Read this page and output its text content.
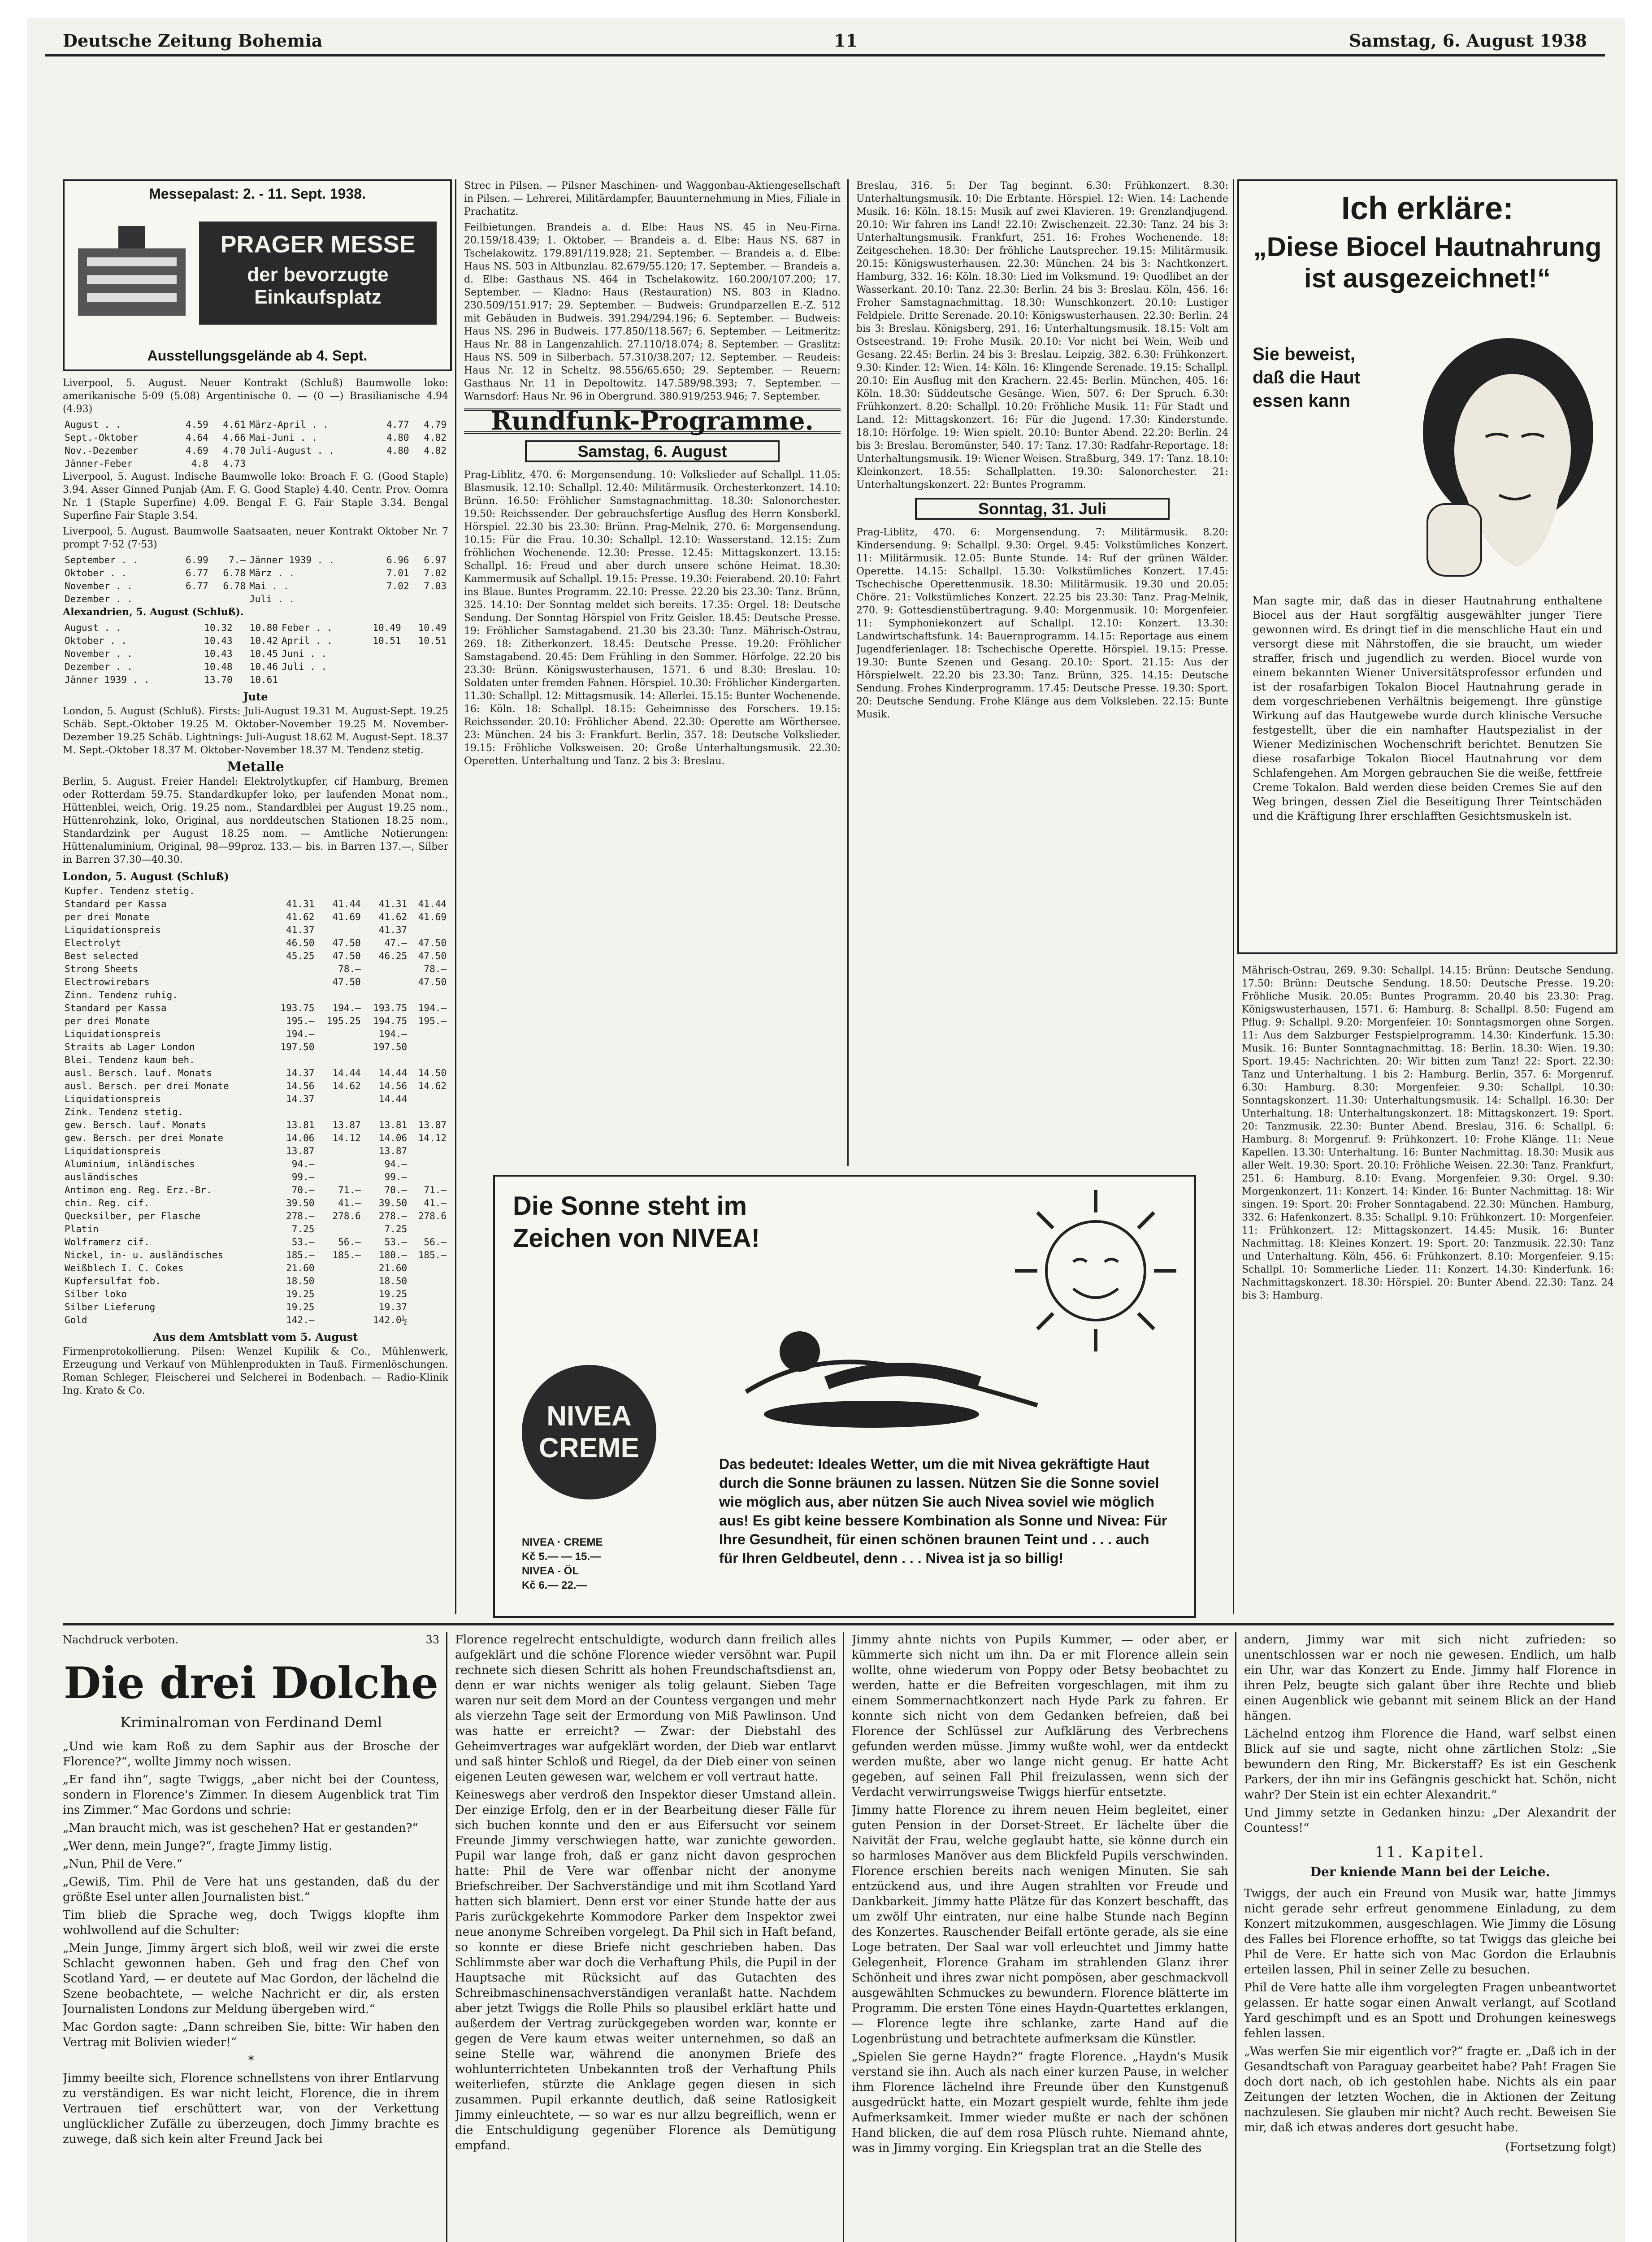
Deutsche Zeitung Bohemia	11	Samstag, 6. August 1938
Messepalast: 2. - 11. Sept. 1938.
PRAGER MESSE
der bevorzugte
Einkaufsplatz
Ausstellungsgelände ab 4. Sept.

Liverpool, 5. August. Neuer Kontrakt (Schluß) Baumwolle loko: amerikanische 5·09 (5.08) Argentinische 0. — (0 —) Brasilianische 4.94 (4.93)

August . .	4.59	4.61	März-April . .	4.77	4.79
Sept.-Oktober	4.64	4.66	Mai-Juni . .	4.80	4.82
Nov.-Dezember	4.69	4.70	Juli-August . .	4.80	4.82
Jänner-Feber	4.8	4.73			

Liverpool, 5. August. Indische Baumwolle loko: Broach F. G. (Good Staple) 3.94. Asser Ginned Punjab (Am. F. G. Good Staple) 4.40. Centr. Prov. Oomra Nr. 1 (Staple Superfine) 4.09. Bengal F. G. Fair Staple 3.34. Bengal Superfine Fair Staple 3.54.

Liverpool, 5. August. Baumwolle Saatsaaten, neuer Kontrakt Oktober Nr. 7 prompt 7·52 (7·53)

September . .	6.99	7.—	Jänner 1939 . .	6.96	6.97
Oktober . .	6.77	6.78	März . .	7.01	7.02
November . .	6.77	6.78	Mai . .	7.02	7.03
Dezember . .			Juli . .		

Alexandrien, 5. August (Schluß).

August . .	10.32	10.80	Feber . .	10.49	10.49
Oktober . .	10.43	10.42	April . .	10.51	10.51
November . .	10.43	10.45	Juni . .		
Dezember . .	10.48	10.46	Juli . .		
Jänner 1939 . .	13.70	10.61			
Jute

London, 5. August (Schluß). Firsts: Juli-August 19.31 M. August-Sept. 19.25 Schäb. Sept.-Oktober 19.25 M. Oktober-November 19.25 M. November-Dezember 19.25 Schäb. Lightnings: Juli-August 18.62 M. August-Sept. 18.37 M. Sept.-Oktober 18.37 M. Oktober-November 18.37 M. Tendenz stetig.

Metalle

Berlin, 5. August. Freier Handel: Elektrolytkupfer, cif Hamburg, Bremen oder Rotterdam 59.75. Standardkupfer loko, per laufenden Monat nom., Hüttenblei, weich, Orig. 19.25 nom., Standardblei per August 19.25 nom., Hüttenrohzink, loko, Original, aus norddeutschen Stationen 18.25 nom., Standardzink per August 18.25 nom. — Amtliche Notierungen: Hüttenaluminium, Original, 98—99proz. 133.— bis. in Barren 137.—, Silber in Barren 37.30—40.30.

London, 5. August (Schluß)
Kupfer. Tendenz stetig.				
Standard per Kassa	41.31	41.44	41.31	41.44
per drei Monate	41.62	41.69	41.62	41.69
Liquidationspreis	41.37		41.37	
Electrolyt	46.50	47.50	47.—	47.50
Best selected	45.25	47.50	46.25	47.50
Strong Sheets		78.—		78.—
Electrowirebars		47.50		47.50
Zinn. Tendenz ruhig.				
Standard per Kassa	193.75	194.—	193.75	194.—
per drei Monate	195.—	195.25	194.75	195.—
Liquidationspreis	194.—		194.—	
Straits ab Lager London	197.50		197.50	
Blei. Tendenz kaum beh.				
ausl. Bersch. lauf. Monats	14.37	14.44	14.44	14.50
ausl. Bersch. per drei Monate	14.56	14.62	14.56	14.62
Liquidationspreis	14.37		14.44	
Zink. Tendenz stetig.				
gew. Bersch. lauf. Monats	13.81	13.87	13.81	13.87
gew. Bersch. per drei Monate	14.06	14.12	14.06	14.12
Liquidationspreis	13.87		13.87	
Aluminium, inländisches	94.—		94.—	
ausländisches	99.—		99.—	
Antimon eng. Reg. Erz.-Br.	70.—	71.—	70.—	71.—
chin. Reg. cif.	39.50	41.—	39.50	41.—
Quecksilber, per Flasche	278.—	278.6	278.—	278.6
Platin	7.25		7.25	
Wolframerz cif.	53.—	56.—	53.—	56.—
Nickel, in- u. ausländisches	185.—	185.—	180.—	185.—
Weißblech I. C. Cokes	21.60		21.60	
Kupfersulfat fob.	18.50		18.50	
Silber loko	19.25		19.25	
Silber Lieferung	19.25		19.37	
Gold	142.—		142.0½	
Aus dem Amtsblatt vom 5. August

Firmenprotokollierung. Pilsen: Wenzel Kupilik & Co., Mühlenwerk, Erzeugung und Verkauf von Mühlenprodukten in Tauß. Firmenlöschungen. Roman Schleger, Fleischerei und Selcherei in Bodenbach. — Radio-Klinik Ing. Krato & Co.

Strec in Pilsen. — Pilsner Maschinen- und Waggonbau-Aktiengesellschaft in Pilsen. — Lehrerei, Militärdampfer, Bauunternehmung in Mies, Filiale in Prachatitz.

Feilbietungen. Brandeis a. d. Elbe: Haus NS. 45 in Neu-Firna. 20.159/18.439; 1. Oktober. — Brandeis a. d. Elbe: Haus NS. 687 in Tschelakowitz. 179.891/119.928; 21. September. — Brandeis a. d. Elbe: Haus NS. 503 in Altbunzlau. 82.679/55.120; 17. September. — Brandeis a. d. Elbe: Gasthaus NS. 464 in Tschelakowitz. 160.200/107.200; 17. September. — Kladno: Haus (Restauration) NS. 803 in Kladno. 230.509/151.917; 29. September. — Budweis: Grundparzellen E.-Z. 512 mit Gebäuden in Budweis. 391.294/294.196; 6. September. — Budweis: Haus NS. 296 in Budweis. 177.850/118.567; 6. September. — Leitmeritz: Haus Nr. 88 in Langenzahlich. 27.110/18.074; 8. September. — Graslitz: Haus NS. 509 in Silberbach. 57.310/38.207; 12. September. — Reudeis: Haus Nr. 12 in Scheltz. 98.556/65.650; 29. September. — Reuern: Gasthaus Nr. 11 in Depoltowitz. 147.589/98.393; 7. September. — Warnsdorf: Haus Nr. 96 in Obergrund. 380.919/253.946; 7. September.

Rundfunk-Programme.
Samstag, 6. August

Prag-Liblitz, 470. 6: Morgensendung. 10: Volkslieder auf Schallpl. 11.05: Blasmusik. 12.10: Schallpl. 12.40: Militärmusik. Orchesterkonzert. 14.10: Brünn. 16.50: Fröhlicher Samstagnachmittag. 18.30: Salonorchester. 19.50: Reichssender. Der gebrauchsfertige Ausflug des Herrn Konsberkl. Hörspiel. 22.30 bis 23.30: Brünn. Prag-Melnik, 270. 6: Morgensendung. 10.15: Für die Frau. 10.30: Schallpl. 12.10: Wasserstand. 12.15: Zum fröhlichen Wochenende. 12.30: Presse. 12.45: Mittagskonzert. 13.15: Schallpl. 16: Freud und aber durch unsere schöne Heimat. 18.30: Kammermusik auf Schallpl. 19.15: Presse. 19.30: Feierabend. 20.10: Fahrt ins Blaue. Buntes Programm. 22.10: Presse. 22.20 bis 23.30: Tanz. Brünn, 325. 14.10: Der Sonntag meldet sich bereits. 17.35: Orgel. 18: Deutsche Sendung. Der Sonntag Hörspiel von Fritz Geisler. 18.45: Deutsche Presse. 19: Fröhlicher Samstagabend. 21.30 bis 23.30: Tanz. Mährisch-Ostrau, 269. 18: Zitherkonzert. 18.45: Deutsche Presse. 19.20: Fröhlicher Samstagabend. 20.45: Dem Frühling in den Sommer. Hörfolge. 22.20 bis 23.30: Brünn. Königswusterhausen, 1571. 6 und 8.30: Breslau. 10: Soldaten unter fremden Fahnen. Hörspiel. 10.30: Fröhlicher Kindergarten. 11.30: Schallpl. 12: Mittagsmusik. 14: Allerlei. 15.15: Bunter Wochenende. 16: Köln. 18: Schallpl. 18.15: Geheimnisse des Forschers. 19.15: Reichssender. 20.10: Fröhlicher Abend. 22.30: Operette am Wörthersee. 23: München. 24 bis 3: Frankfurt. Berlin, 357. 18: Deutsche Volkslieder. 19.15: Fröhliche Volksweisen. 20: Große Unterhaltungsmusik. 22.30: Operetten. Unterhaltung und Tanz. 2 bis 3: Breslau.

Breslau, 316. 5: Der Tag beginnt. 6.30: Frühkonzert. 8.30: Unterhaltungsmusik. 10: Die Erbtante. Hörspiel. 12: Wien. 14: Lachende Musik. 16: Köln. 18.15: Musik auf zwei Klavieren. 19: Grenzlandjugend. 20.10: Wir fahren ins Land! 22.10: Zwischenzeit. 22.30: Tanz. 24 bis 3: Unterhaltungsmusik. Frankfurt, 251. 16: Frohes Wochenende. 18: Zeitgeschehen. 18.30: Der fröhliche Lautsprecher. 19.15: Militärmusik. 20.15: Königswusterhausen. 22.30: München. 24 bis 3: Nachtkonzert. Hamburg, 332. 16: Köln. 18.30: Lied im Volksmund. 19: Quodlibet an der Wasserkant. 20.10: Tanz. 22.30: Berlin. 24 bis 3: Breslau. Köln, 456. 16: Froher Samstagnachmittag. 18.30: Wunschkonzert. 20.10: Lustiger Feldpiele. Dritte Serenade. 20.10: Königswusterhausen. 22.30: Berlin. 24 bis 3: Breslau. Königsberg, 291. 16: Unterhaltungsmusik. 18.15: Volt am Ostseestrand. 19: Frohe Musik. 20.10: Vor nicht bei Wein, Weib und Gesang. 22.45: Berlin. 24 bis 3: Breslau. Leipzig, 382. 6.30: Frühkonzert. 9.30: Kinder. 12: Wien. 14: Köln. 16: Klingende Serenade. 19.15: Schallpl. 20.10: Ein Ausflug mit den Krachern. 22.45: Berlin. München, 405. 16: Köln. 18.30: Süddeutsche Gesänge. Wien, 507. 6: Der Spruch. 6.30: Frühkonzert. 8.20: Schallpl. 10.20: Fröhliche Musik. 11: Für Stadt und Land. 12: Mittagskonzert. 16: Für die Jugend. 17.30: Kinderstunde. 18.10: Hörfolge. 19: Wien spielt. 20.10: Bunter Abend. 22.20: Berlin. 24 bis 3: Breslau. Beromünster, 540. 17: Tanz. 17.30: Radfahr-Reportage. 18: Unterhaltungsmusik. 19: Wiener Weisen. Straßburg, 349. 17: Tanz. 18.10: Kleinkonzert. 18.55: Schallplatten. 19.30: Salonorchester. 21: Unterhaltungskonzert. 22: Buntes Programm.

Sonntag, 31. Juli

Prag-Liblitz, 470. 6: Morgensendung. 7: Militärmusik. 8.20: Kindersendung. 9: Schallpl. 9.30: Orgel. 9.45: Volkstümliches Konzert. 11: Militärmusik. 12.05: Bunte Stunde. 14: Ruf der grünen Wälder. Operette. 14.15: Schallpl. 15.30: Volkstümliches Konzert. 17.45: Tschechische Operettenmusik. 18.30: Militärmusik. 19.30 und 20.05: Chöre. 21: Volkstümliches Konzert. 22.25 bis 23.30: Tanz. Prag-Melnik, 270. 9: Gottesdienstübertragung. 9.40: Morgenmusik. 10: Morgenfeier. 11: Symphoniekonzert auf Schallpl. 12.10: Konzert. 13.30: Landwirtschaftsfunk. 14: Bauernprogramm. 14.15: Reportage aus einem Jugendferienlager. 18: Tschechische Operette. Hörspiel. 19.15: Presse. 19.30: Bunte Szenen und Gesang. 20.10: Sport. 21.15: Aus der Hörspielwelt. 22.20 bis 23.30: Tanz. Brünn, 325. 14.15: Deutsche Sendung. Frohes Kinderprogramm. 17.45: Deutsche Presse. 19.30: Sport. 20: Deutsche Sendung. Frohe Klänge aus dem Volksleben. 22.15: Bunte Musik.

Ich erkläre:
„Diese Biocel Hautnahrung ist ausgezeichnet!“
Sie beweist,
daß die Haut
essen kann
Man sagte mir, daß das in dieser Hautnahrung enthaltene Biocel aus der Haut sorgfältig ausgewählter junger Tiere gewonnen wird. Es dringt tief in die menschliche Haut ein und versorgt diese mit Nährstoffen, die sie braucht, um wieder straffer, frisch und jugendlich zu werden. Biocel wurde von einem bekannten Wiener Universitätsprofessor erfunden und ist der rosafarbigen Tokalon Biocel Hautnahrung gerade in dem vorgeschriebenen Verhältnis beigemengt. Ihre günstige Wirkung auf das Hautgewebe wurde durch klinische Versuche festgestellt, über die ein namhafter Hautspezialist in der Wiener Medizinischen Wochenschrift berichtet. Benutzen Sie diese rosafarbige Tokalon Biocel Hautnahrung vor dem Schlafengehen. Am Morgen gebrauchen Sie die weiße, fettfreie Creme Tokalon. Bald werden diese beiden Cremes Sie auf den Weg bringen, dessen Ziel die Beseitigung Ihrer Teintschäden und die Kräftigung Ihrer erschlafften Gesichtsmuskeln ist.

Mährisch-Ostrau, 269. 9.30: Schallpl. 14.15: Brünn: Deutsche Sendung. 17.50: Brünn: Deutsche Sendung. 18.50: Deutsche Presse. 19.20: Fröhliche Musik. 20.05: Buntes Programm. 20.40 bis 23.30: Prag. Königswusterhausen, 1571. 6: Hamburg. 8: Schallpl. 8.50: Fugend am Pflug. 9: Schallpl. 9.20: Morgenfeier. 10: Sonntagsmorgen ohne Sorgen. 11: Aus dem Salzburger Festspielprogramm. 14.30: Kinderfunk. 15.30: Musik. 16: Bunter Sonntagnachmittag. 18: Berlin. 18.30: Wien. 19.30: Sport. 19.45: Nachrichten. 20: Wir bitten zum Tanz! 22: Sport. 22.30: Tanz und Unterhaltung. 1 bis 2: Hamburg. Berlin, 357. 6: Morgenruf. 6.30: Hamburg. 8.30: Morgenfeier. 9.30: Schallpl. 10.30: Sonntagskonzert. 11.30: Unterhaltungsmusik. 14: Schallpl. 16.30: Der Unterhaltung. 18: Unterhaltungskonzert. 18: Mittagskonzert. 19: Sport. 20: Tanzmusik. 22.30: Bunter Abend. Breslau, 316. 6: Schallpl. 6: Hamburg. 8: Morgenruf. 9: Frühkonzert. 10: Frohe Klänge. 11: Neue Kapellen. 13.30: Unterhaltung. 16: Bunter Nachmittag. 18.30: Musik aus aller Welt. 19.30: Sport. 20.10: Fröhliche Weisen. 22.30: Tanz. Frankfurt, 251. 6: Hamburg. 8.10: Evang. Morgenfeier. 9.30: Orgel. 9.30: Morgenkonzert. 11: Konzert. 14: Kinder. 16: Bunter Nachmittag. 18: Wir singen. 19: Sport. 20: Froher Sonntagabend. 22.30: München. Hamburg, 332. 6: Hafenkonzert. 8.35: Schallpl. 9.10: Frühkonzert. 10: Morgenfeier. 11: Frühkonzert. 12: Mittagskonzert. 14.45: Musik. 16: Bunter Nachmittag. 18: Kleines Konzert. 19: Sport. 20: Tanzmusik. 22.30: Tanz und Unterhaltung. Köln, 456. 6: Frühkonzert. 8.10: Morgenfeier. 9.15: Schallpl. 10: Sommerliche Lieder. 11: Konzert. 14.30: Kinderfunk. 16: Nachmittagskonzert. 18.30: Hörspiel. 20: Bunter Abend. 22.30: Tanz. 24 bis 3: Hamburg.

Die Sonne steht im
Zeichen von NIVEA!
NIVEA
CREME
NIVEA · CREME
Kč 5.— — 15.—
NIVEA - ÖL
Kč 6.— 22.—
Das bedeutet: Ideales Wetter, um die mit Nivea gekräftigte Haut durch die Sonne bräunen zu lassen. Nützen Sie die Sonne soviel wie möglich aus, aber nützen Sie auch Nivea soviel wie möglich aus! Es gibt keine bessere Kombination als Sonne und Nivea: Für Ihre Gesundheit, für einen schönen braunen Teint und . . . auch für Ihren Geldbeutel, denn . . . Nivea ist ja so billig!
Nachdruck verboten.	33
Die drei Dolche
Kriminalroman von Ferdinand Deml

„Und wie kam Roß zu dem Saphir aus der Brosche der Florence?“, wollte Jimmy noch wissen.

„Er fand ihn“, sagte Twiggs, „aber nicht bei der Countess, sondern in Florence's Zimmer. In diesem Augenblick trat Tim ins Zimmer.“ Mac Gordons und schrie:

„Man braucht mich, was ist geschehen? Hat er gestanden?“

„Wer denn, mein Junge?“, fragte Jimmy listig.

„Nun, Phil de Vere.“

„Gewiß, Tim. Phil de Vere hat uns gestanden, daß du der größte Esel unter allen Journalisten bist.“

Tim blieb die Sprache weg, doch Twiggs klopfte ihm wohlwollend auf die Schulter:

„Mein Junge, Jimmy ärgert sich bloß, weil wir zwei die erste Schlacht gewonnen haben. Geh und frag den Chef von Scotland Yard, — er deutete auf Mac Gordon, der lächelnd die Szene beobachtete, — welche Nachricht er dir, als ersten Journalisten Londons zur Meldung übergeben wird.“

Mac Gordon sagte: „Dann schreiben Sie, bitte: Wir haben den Vertrag mit Bolivien wieder!“

*

Jimmy beeilte sich, Florence schnellstens von ihrer Entlarvung zu verständigen. Es war nicht leicht, Florence, die in ihrem Vertrauen tief erschüttert war, von der Verkettung unglücklicher Zufälle zu überzeugen, doch Jimmy brachte es zuwege, daß sich kein alter Freund Jack bei

Florence regelrecht entschuldigte, wodurch dann freilich alles aufgeklärt und die schöne Florence wieder versöhnt war. Pupil rechnete sich diesen Schritt als hohen Freundschaftsdienst an, denn er war nichts weniger als tolig gelaunt. Sieben Tage waren nur seit dem Mord an der Countess vergangen und mehr als vierzehn Tage seit der Ermordung von Miß Pawlinson. Und was hatte er erreicht? — Zwar: der Diebstahl des Geheimvertrages war aufgeklärt worden, der Dieb war entlarvt und saß hinter Schloß und Riegel, da der Dieb einer von seinen eigenen Leuten gewesen war, welchem er voll vertraut hatte.

Keineswegs aber verdroß den Inspektor dieser Umstand allein. Der einzige Erfolg, den er in der Bearbeitung dieser Fälle für sich buchen konnte und den er aus Eifersucht vor seinem Freunde Jimmy verschwiegen hatte, war zunichte geworden. Pupil war lange froh, daß er ganz nicht davon gesprochen hatte: Phil de Vere war offenbar nicht der anonyme Briefschreiber. Der Sachverständige und mit ihm Scotland Yard hatten sich blamiert. Denn erst vor einer Stunde hatte der aus Paris zurückgekehrte Kommodore Parker dem Inspektor zwei neue anonyme Schreiben vorgelegt. Da Phil sich in Haft befand, so konnte er diese Briefe nicht geschrieben haben. Das Schlimmste aber war doch die Verhaftung Phils, die Pupil in der Hauptsache mit Rücksicht auf das Gutachten des Schreibmaschinensachverständigen veranlaßt hatte. Nachdem aber jetzt Twiggs die Rolle Phils so plausibel erklärt hatte und außerdem der Vertrag zurückgegeben worden war, konnte er gegen de Vere kaum etwas weiter unternehmen, so daß an seine Stelle war, während die anonymen Briefe des wohlunterrichteten Unbekannten troß der Verhaftung Phils weiterliefen, stürzte die Anklage gegen diesen in sich zusammen. Pupil erkannte deutlich, daß seine Ratlosigkeit Jimmy einleuchtete, — so war es nur allzu begreiflich, wenn er die Entschuldigung gegenüber Florence als Demütigung empfand.

Jimmy ahnte nichts von Pupils Kummer, — oder aber, er kümmerte sich nicht um ihn. Da er mit Florence allein sein wollte, ohne wiederum von Poppy oder Betsy beobachtet zu werden, hatte er die Befreiten vorgeschlagen, mit ihm zu einem Sommernachtkonzert nach Hyde Park zu fahren. Er konnte sich nicht von dem Gedanken befreien, daß bei Florence der Schlüssel zur Aufklärung des Verbrechens gefunden werden müsse. Jimmy wußte wohl, wer da entdeckt werden mußte, aber wo lange nicht genug. Er hatte Acht gegeben, auf seinen Fall Phil freizulassen, wenn sich der Verdacht verwirrungsweise Twiggs hierfür entsetzte.

Jimmy hatte Florence zu ihrem neuen Heim begleitet, einer guten Pension in der Dorset-Street. Er lächelte über die Naivität der Frau, welche geglaubt hatte, sie könne durch ein so harmloses Manöver aus dem Blickfeld Pupils verschwinden. Florence erschien bereits nach wenigen Minuten. Sie sah entzückend aus, und ihre Augen strahlten vor Freude und Dankbarkeit. Jimmy hatte Plätze für das Konzert beschafft, das um zwölf Uhr eintraten, nur eine halbe Stunde nach Beginn des Konzertes. Rauschender Beifall ertönte gerade, als sie eine Loge betraten. Der Saal war voll erleuchtet und Jimmy hatte Gelegenheit, Florence Graham im strahlenden Glanz ihrer Schönheit und ihres zwar nicht pompösen, aber geschmackvoll ausgewählten Schmuckes zu bewundern. Florence blätterte im Programm. Die ersten Töne eines Haydn-Quartettes erklangen, — Florence legte ihre schlanke, zarte Hand auf die Logenbrüstung und betrachtete aufmerksam die Künstler.

„Spielen Sie gerne Haydn?“ fragte Florence. „Haydn's Musik verstand sie ihn. Auch als nach einer kurzen Pause, in welcher ihm Florence lächelnd ihre Freunde über den Kunstgenuß ausgedrückt hatte, ein Mozart gespielt wurde, fehlte ihm jede Aufmerksamkeit. Immer wieder mußte er nach der schönen Hand blicken, die auf dem rosa Plüsch ruhte. Niemand ahnte, was in Jimmy vorging. Ein Kriegsplan trat an die Stelle des

andern, Jimmy war mit sich nicht zufrieden: so unentschlossen war er noch nie gewesen. Endlich, um halb ein Uhr, war das Konzert zu Ende. Jimmy half Florence in ihren Pelz, beugte sich galant über ihre Rechte und blieb einen Augenblick wie gebannt mit seinem Blick an der Hand hängen.

Lächelnd entzog ihm Florence die Hand, warf selbst einen Blick auf sie und sagte, nicht ohne zärtlichen Stolz: „Sie bewundern den Ring, Mr. Bickerstaff? Es ist ein Geschenk Parkers, der ihn mir ins Gefängnis geschickt hat. Schön, nicht wahr? Der Stein ist ein echter Alexandrit.“

Und Jimmy setzte in Gedanken hinzu: „Der Alexandrit der Countess!“

11. Kapitel.
Der kniende Mann bei der Leiche.

Twiggs, der auch ein Freund von Musik war, hatte Jimmys nicht gerade sehr erfreut genommene Einladung, zu dem Konzert mitzukommen, ausgeschlagen. Wie Jimmy die Lösung des Falles bei Florence erhoffte, so tat Twiggs das gleiche bei Phil de Vere. Er hatte sich von Mac Gordon die Erlaubnis erteilen lassen, Phil in seiner Zelle zu besuchen.

Phil de Vere hatte alle ihm vorgelegten Fragen unbeantwortet gelassen. Er hatte sogar einen Anwalt verlangt, auf Scotland Yard geschimpft und es an Spott und Drohungen keineswegs fehlen lassen.

„Was werfen Sie mir eigentlich vor?“ fragte er. „Daß ich in der Gesandtschaft von Paraguay gearbeitet habe? Pah! Fragen Sie doch dort nach, ob ich gestohlen habe. Nichts als ein paar Zeitungen der letzten Wochen, die in Aktionen der Zeitung nachzulesen. Sie glauben mir nicht? Auch recht. Beweisen Sie mir, daß ich etwas anderes dort gesucht habe.

(Fortsetzung folgt)
